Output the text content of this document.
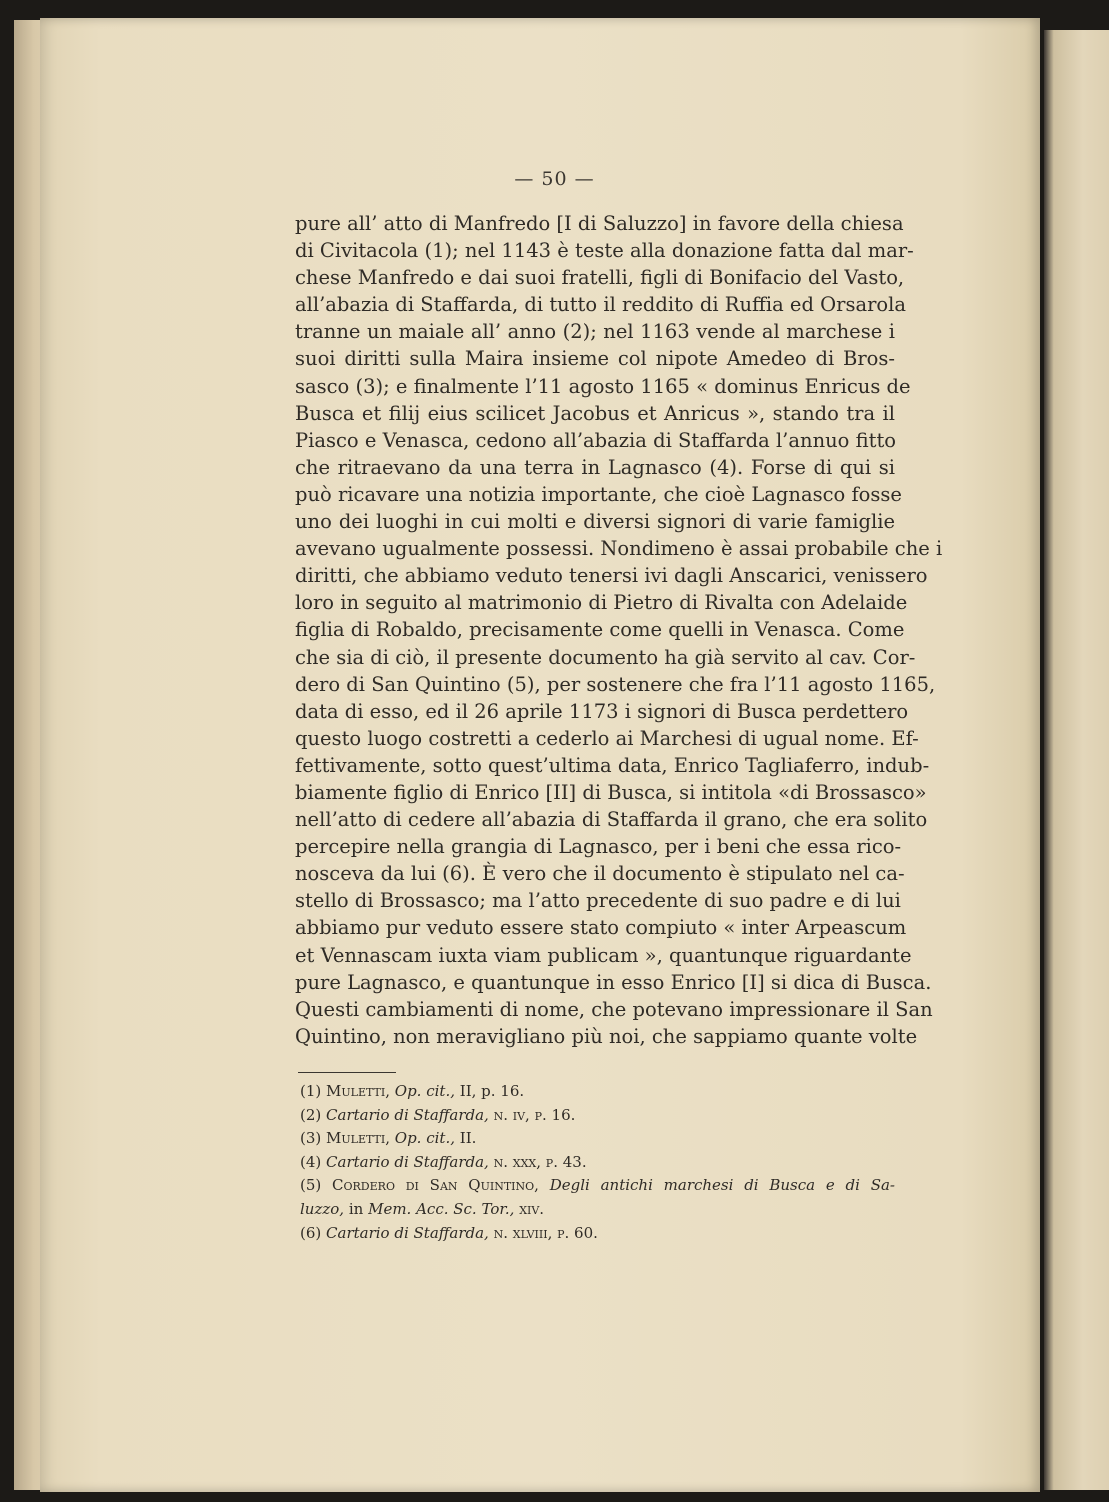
— 50 —
pure all’ atto di Manfredo [I di Saluzzo] in favore della chiesa
di Civitacola (1); nel 1143 è teste alla donazione fatta dal mar-
chese Manfredo e dai suoi fratelli, figli di Bonifacio del Vasto,
all’abazia di Staffarda, di tutto il reddito di Ruffia ed Orsarola
tranne un maiale all’ anno (2); nel 1163 vende al marchese i
suoi diritti sulla Maira insieme col nipote Amedeo di Bros-
sasco (3); e finalmente l’11 agosto 1165 « dominus Enricus de
Busca et filij eius scilicet Jacobus et Anricus », stando tra il
Piasco e Venasca, cedono all’abazia di Staffarda l’annuo fitto
che ritraevano da una terra in Lagnasco (4). Forse di qui si
può ricavare una notizia importante, che cioè Lagnasco fosse
uno dei luoghi in cui molti e diversi signori di varie famiglie
avevano ugualmente possessi. Nondimeno è assai probabile che i
diritti, che abbiamo veduto tenersi ivi dagli Anscarici, venissero
loro in seguito al matrimonio di Pietro di Rivalta con Adelaide
figlia di Robaldo, precisamente come quelli in Venasca. Come
che sia di ciò, il presente documento ha già servito al cav. Cor-
dero di San Quintino (5), per sostenere che fra l’11 agosto 1165,
data di esso, ed il 26 aprile 1173 i signori di Busca perdettero
questo luogo costretti a cederlo ai Marchesi di ugual nome. Ef-
fettivamente, sotto quest’ultima data, Enrico Tagliaferro, indub-
biamente figlio di Enrico [II] di Busca, si intitola «di Brossasco»
nell’atto di cedere all’abazia di Staffarda il grano, che era solito
percepire nella grangia di Lagnasco, per i beni che essa rico-
nosceva da lui (6). È vero che il documento è stipulato nel ca-
stello di Brossasco; ma l’atto precedente di suo padre e di lui
abbiamo pur veduto essere stato compiuto « inter Arpeascum
et Vennascam iuxta viam publicam », quantunque riguardante
pure Lagnasco, e quantunque in esso Enrico [I] si dica di Busca.
Questi cambiamenti di nome, che potevano impressionare il San
Quintino, non meravigliano più noi, che sappiamo quante volte
(1) Muletti, Op. cit., II, p. 16.
(2) Cartario di Staffarda, n. iv, p. 16.
(3) Muletti, Op. cit., II.
(4) Cartario di Staffarda, n. xxx, p. 43.
(5) Cordero di San Quintino, Degli antichi marchesi di Busca e di Sa-
luzzo, in Mem. Acc. Sc. Tor., xiv.
(6) Cartario di Staffarda, n. xlviii, p. 60.
